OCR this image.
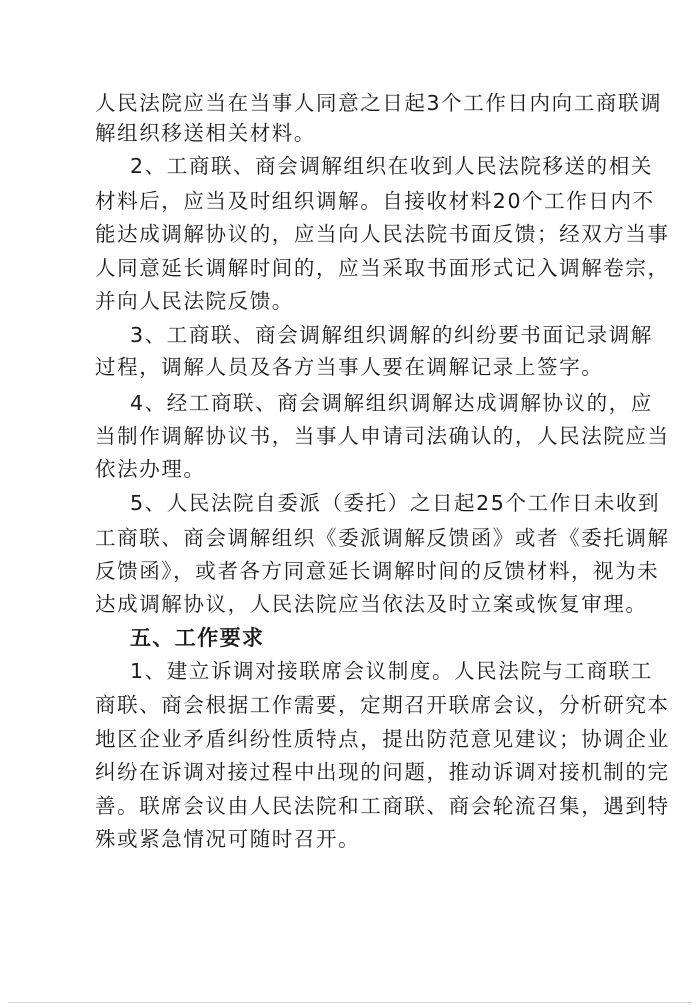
人民法院应当在当事人同意之日起3个工作日内向工商联调
解组织移送相关材料。
2、工商联、商会调解组织在收到人民法院移送的相关
材料后，应当及时组织调解。自接收材料20个工作日内不
能达成调解协议的，应当向人民法院书面反馈；经双方当事
人同意延长调解时间的，应当采取书面形式记入调解卷宗，
并向人民法院反馈。
3、工商联、商会调解组织调解的纠纷要书面记录调解
过程，调解人员及各方当事人要在调解记录上签字。
4、经工商联、商会调解组织调解达成调解协议的，应
当制作调解协议书，当事人申请司法确认的，人民法院应当
依法办理。
5、人民法院自委派（委托）之日起25个工作日未收到
工商联、商会调解组织《委派调解反馈函》或者《委托调解
反馈函》，或者各方同意延长调解时间的反馈材料，视为未
达成调解协议，人民法院应当依法及时立案或恢复审理。
五、工作要求
1、建立诉调对接联席会议制度。人民法院与工商联工
商联、商会根据工作需要，定期召开联席会议，分析研究本
地区企业矛盾纠纷性质特点，提出防范意见建议；协调企业
纠纷在诉调对接过程中出现的问题，推动诉调对接机制的完
善。联席会议由人民法院和工商联、商会轮流召集，遇到特
殊或紧急情况可随时召开。
